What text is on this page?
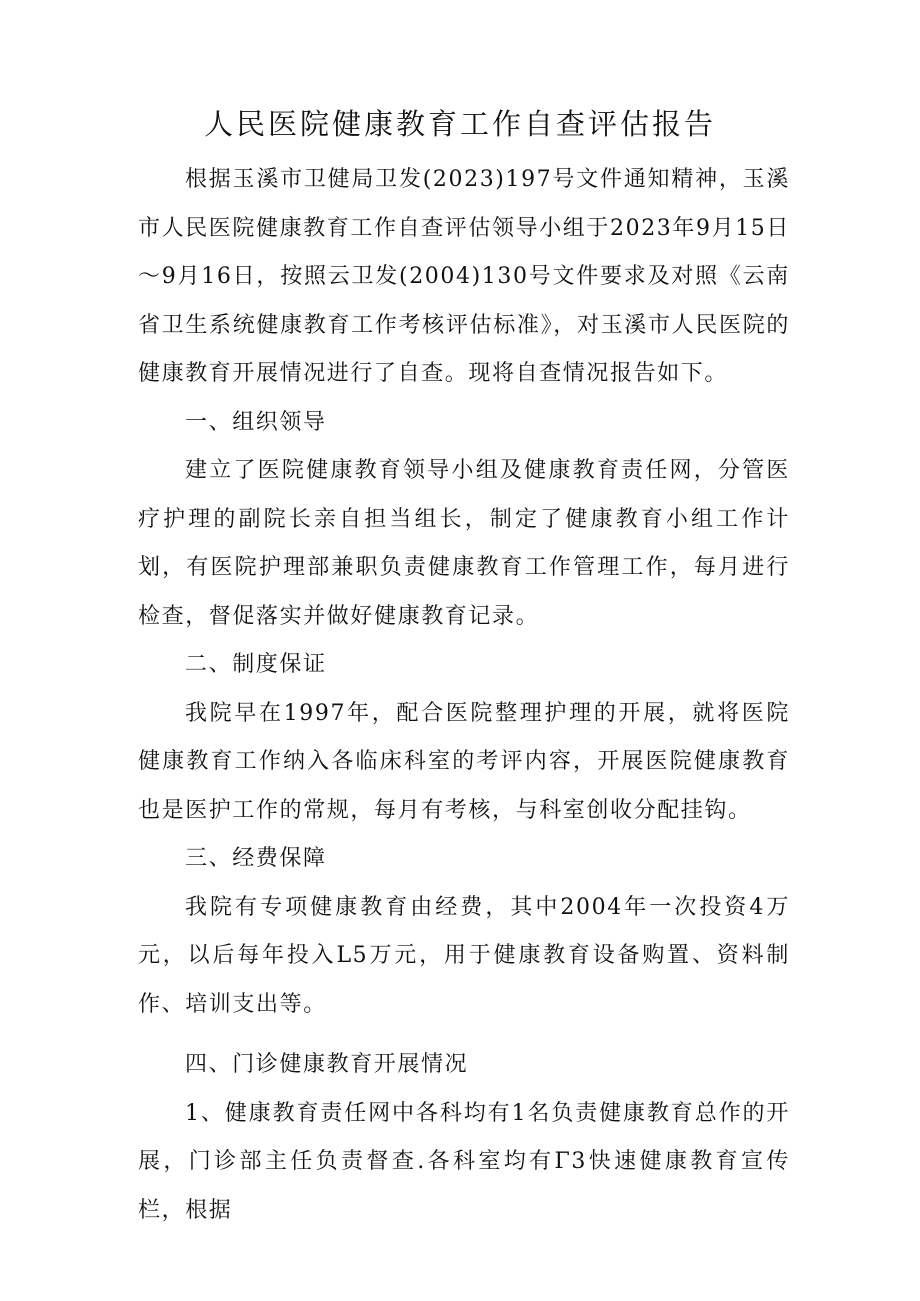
人民医院健康教育工作自查评估报告

根据玉溪市卫健局卫发(2023)197号文件通知精神，玉溪市人民医院健康教育工作自查评估领导小组于2023年9月15日～9月16日，按照云卫发(2004)130号文件要求及对照《云南省卫生系统健康教育工作考核评估标准》，对玉溪市人民医院的健康教育开展情况进行了自查。现将自查情况报告如下。

一、组织领导

建立了医院健康教育领导小组及健康教育责任网，分管医疗护理的副院长亲自担当组长，制定了健康教育小组工作计划，有医院护理部兼职负责健康教育工作管理工作，每月进行检查，督促落实并做好健康教育记录。

二、制度保证

我院早在1997年，配合医院整理护理的开展，就将医院健康教育工作纳入各临床科室的考评内容，开展医院健康教育也是医护工作的常规，每月有考核，与科室创收分配挂钩。

三、经费保障

我院有专项健康教育由经费，其中2004年一次投资4万元，以后每年投入L5万元，用于健康教育设备购置、资料制作、培训支出等。

四、门诊健康教育开展情况

1、健康教育责任网中各科均有1名负责健康教育总作的开展，门诊部主任负责督查.各科室均有Γ3快速健康教育宣传栏，根据
